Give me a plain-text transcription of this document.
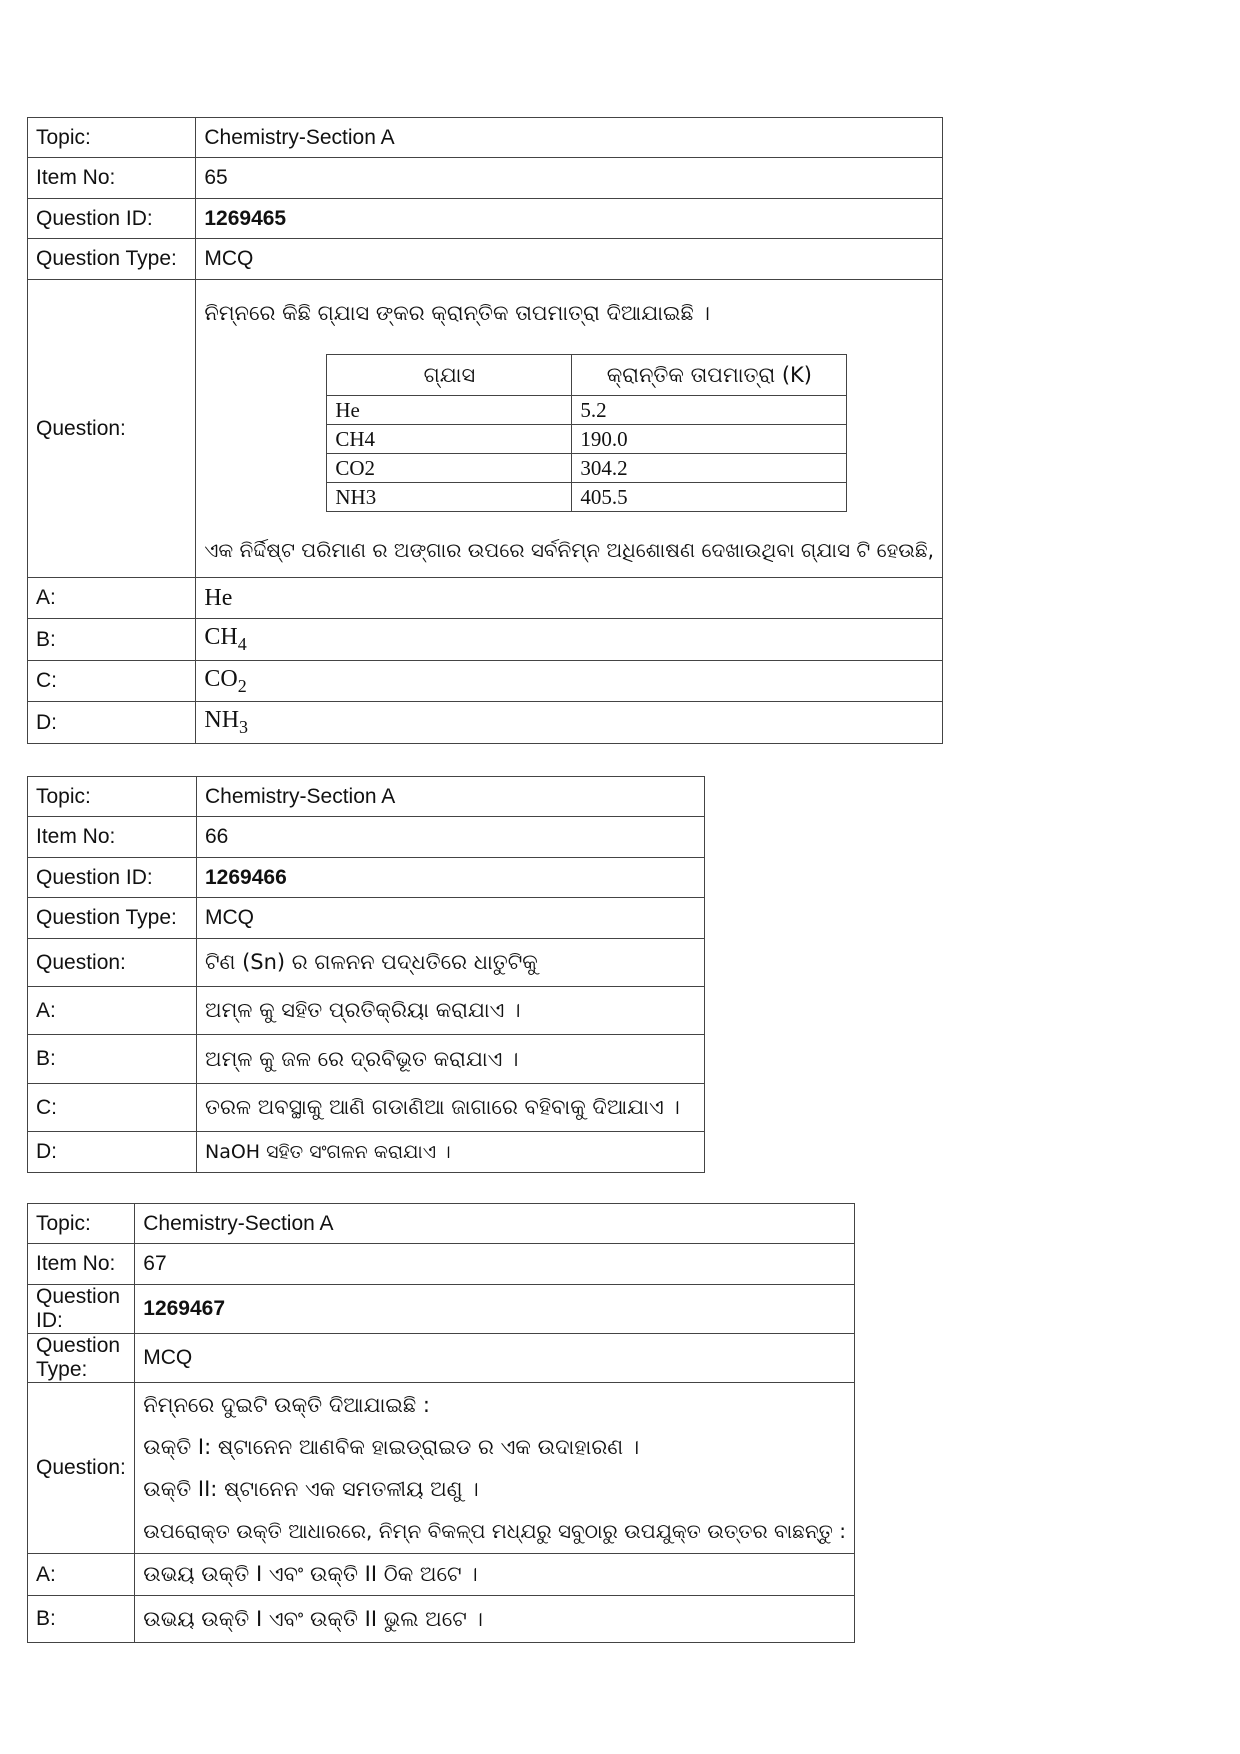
Topic:	Chemistry-Section A
Item No:	65
Question ID:	1269465
Question Type:	MCQ
Question:	
ନିମ୍ନରେ କିଛି ଗ୍ଯାସ ଙ୍କର କ୍ରାନ୍ତିକ ତାପମାତ୍ରା ଦିଆଯାଇଛି ।
ଗ୍ଯାସ	କ୍ରାନ୍ତିକ ତାପମାତ୍ରା (K)
He	5.2
CH4	190.0
CO2	304.2
NH3	405.5
ଏକ ନିର୍ଦ୍ଦିଷ୍ଟ ପରିମାଣ ର ଅଙ୍ଗାର ଉପରେ ସର୍ବନିମ୍ନ ଅଧିଶୋଷଣ ଦେଖାଉଥିବା ଗ୍ଯାସ ଟି ହେଉଛି,

A:	He
B:	$CH_4$
C:	$CO_2$
D:	$NH_3$
Topic:	Chemistry-Section A
Item No:	66
Question ID:	1269466
Question Type:	MCQ
Question:	ଟିଣ (Sn) ର ଗଳନନ ପଦ୍ଧତିରେ ଧାତୁଟିକୁ
A:	ଅମ୍ଳ କୁ ସହିତ ପ୍ରତିକ୍ରିୟା କରାଯାଏ ।
B:	ଅମ୍ଳ କୁ ଜଳ ରେ ଦ୍ରବିଭୂତ କରାଯାଏ ।
C:	ତରଳ ଅବସ୍ଥାକୁ ଆଣି ଗଡାଣିଆ ଜାଗାରେ ବହିବାକୁ ଦିଆଯାଏ ।
D:	NaOH ସହିତ ସଂଗଳନ କରାଯାଏ ।
Topic:	Chemistry-Section A
Item No:	67
Question ID:	1269467
Question Type:	MCQ
Question:	ନିମ୍ନରେ ଦୁଇଟି ଉକ୍ତି ଦିଆଯାଇଛି :
ଉକ୍ତି I: ଷ୍ଟାନେନ ଆଣବିକ ହାଇଡ୍ରାଇଡ ର ଏକ ଉଦାହାରଣ ।
ଉକ୍ତି II: ଷ୍ଟାନେନ ଏକ ସମତଳୀୟ ଅଣୁ ।
ଉପରୋକ୍ତ ଉକ୍ତି ଆଧାରରେ, ନିମ୍ନ ବିକଳ୍ପ ମଧ୍ଯରୁ ସବୁଠାରୁ ଉପଯୁକ୍ତ ଉତ୍ତର ବାଛନ୍ତୁ :

A:	ଉଭୟ ଉକ୍ତି I ଏବଂ ଉକ୍ତି II ଠିକ ଅଟେ ।
B:	ଉଭୟ ଉକ୍ତି I ଏବଂ ଉକ୍ତି II ଭୁଲ ଅଟେ ।
